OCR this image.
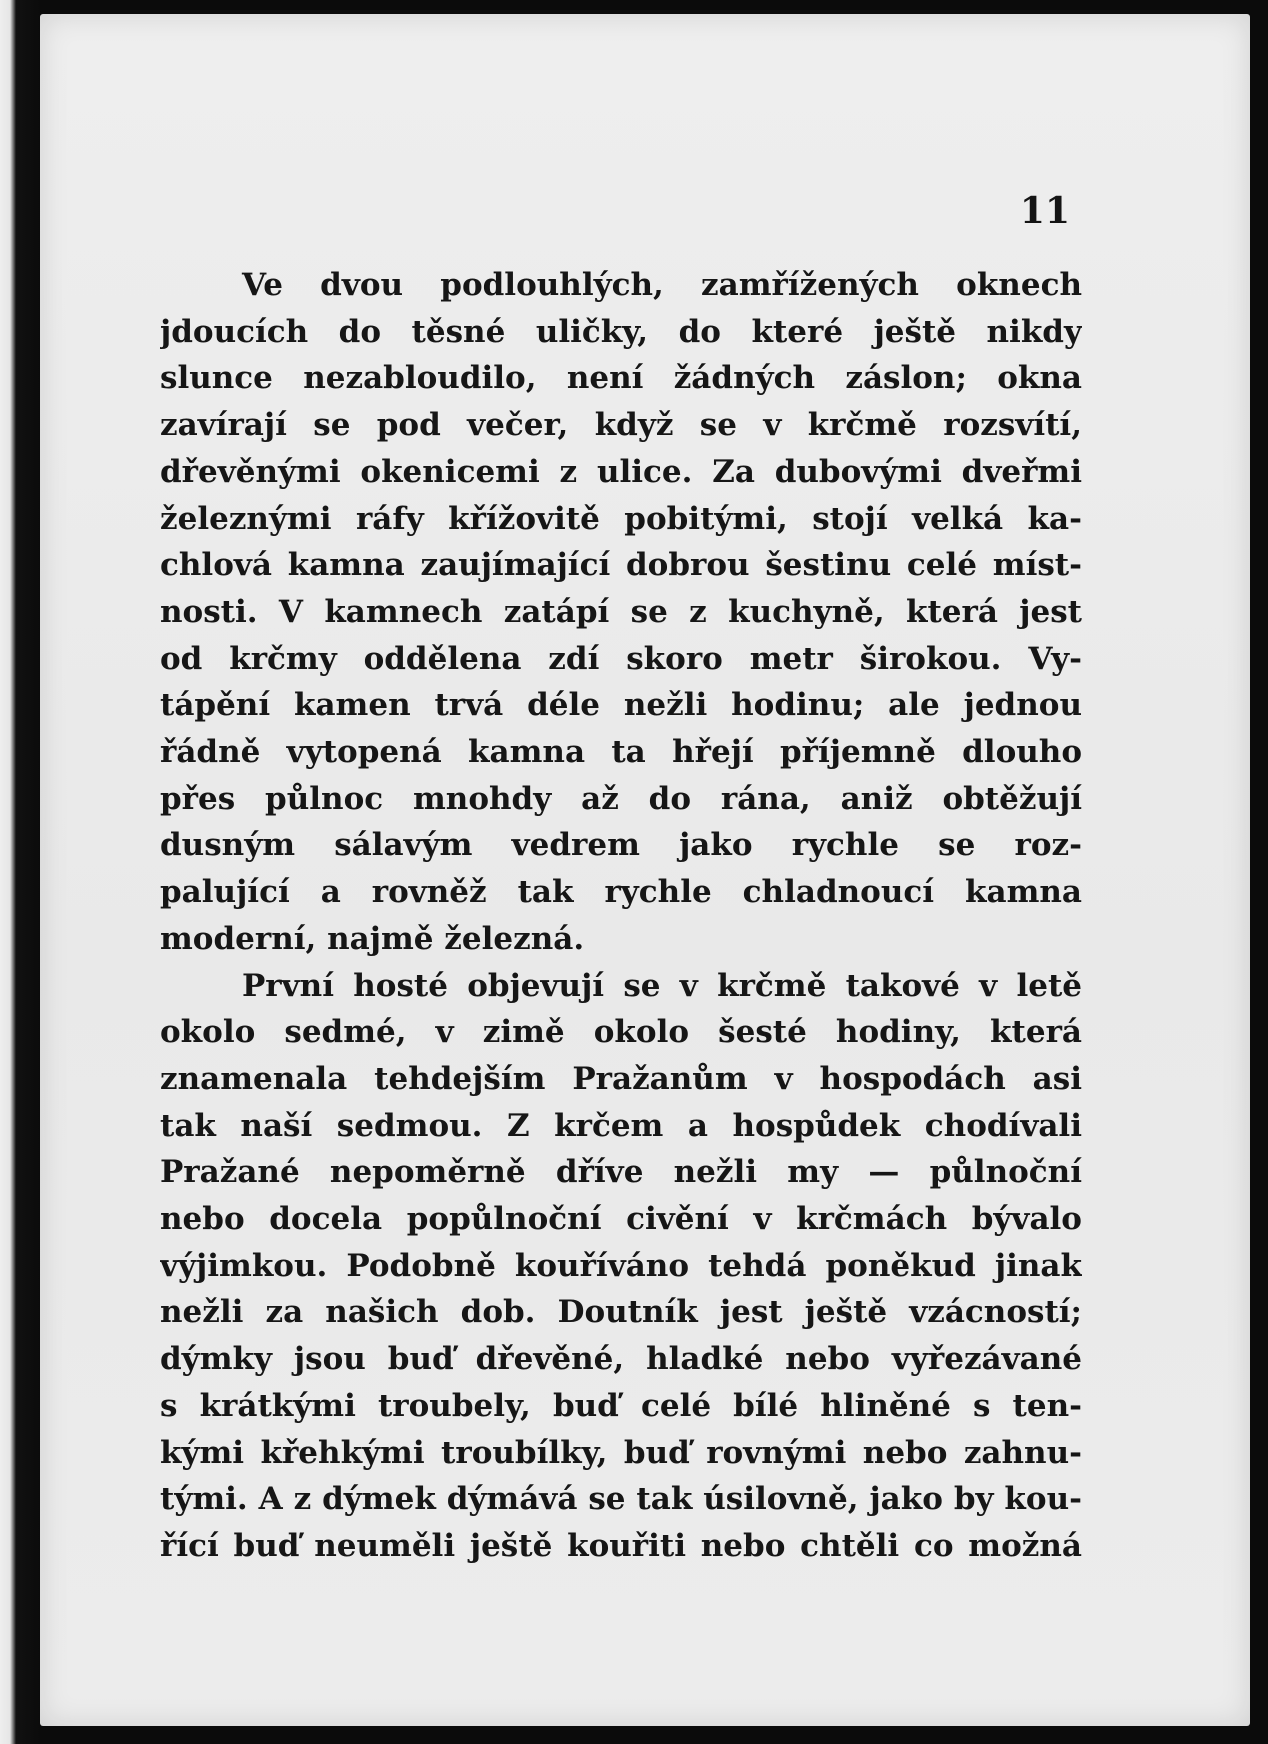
11

Ve dvou podlouhlých, zamřížených oknech
jdoucích do těsné uličky, do které ještě nikdy
slunce nezabloudilo, není žádných záslon; okna
zavírají se pod večer, když se v krčmě rozsvítí,
dřevěnými okenicemi z ulice. Za dubovými dveřmi
železnými ráfy křížovitě pobitými, stojí velká ka-
chlová kamna zaujímající dobrou šestinu celé míst-
nosti. V kamnech zatápí se z kuchyně, která jest
od krčmy oddělena zdí skoro metr širokou. Vy-
tápění kamen trvá déle nežli hodinu; ale jednou
řádně vytopená kamna ta hřejí příjemně dlouho
přes půlnoc mnohdy až do rána, aniž obtěžují
dusným sálavým vedrem jako rychle se roz-
palující a rovněž tak rychle chladnoucí kamna
moderní, najmě železná.

První hosté objevují se v krčmě takové v letě
okolo sedmé, v zimě okolo šesté hodiny, která
znamenala tehdejším Pražanům v hospodách asi
tak naší sedmou. Z krčem a hospůdek chodívali
Pražané nepoměrně dříve nežli my — půlnoční
nebo docela popůlnoční civění v krčmách bývalo
výjimkou. Podobně kouříváno tehdá poněkud jinak
nežli za našich dob. Doutník jest ještě vzácností;
dýmky jsou buď dřevěné, hladké nebo vyřezávané
s krátkými troubely, buď celé bílé hliněné s ten-
kými křehkými troubílky, buď rovnými nebo zahnu-
tými. A z dýmek dýmává se tak úsilovně, jako by kou-
řící buď neuměli ještě kouřiti nebo chtěli co možná
